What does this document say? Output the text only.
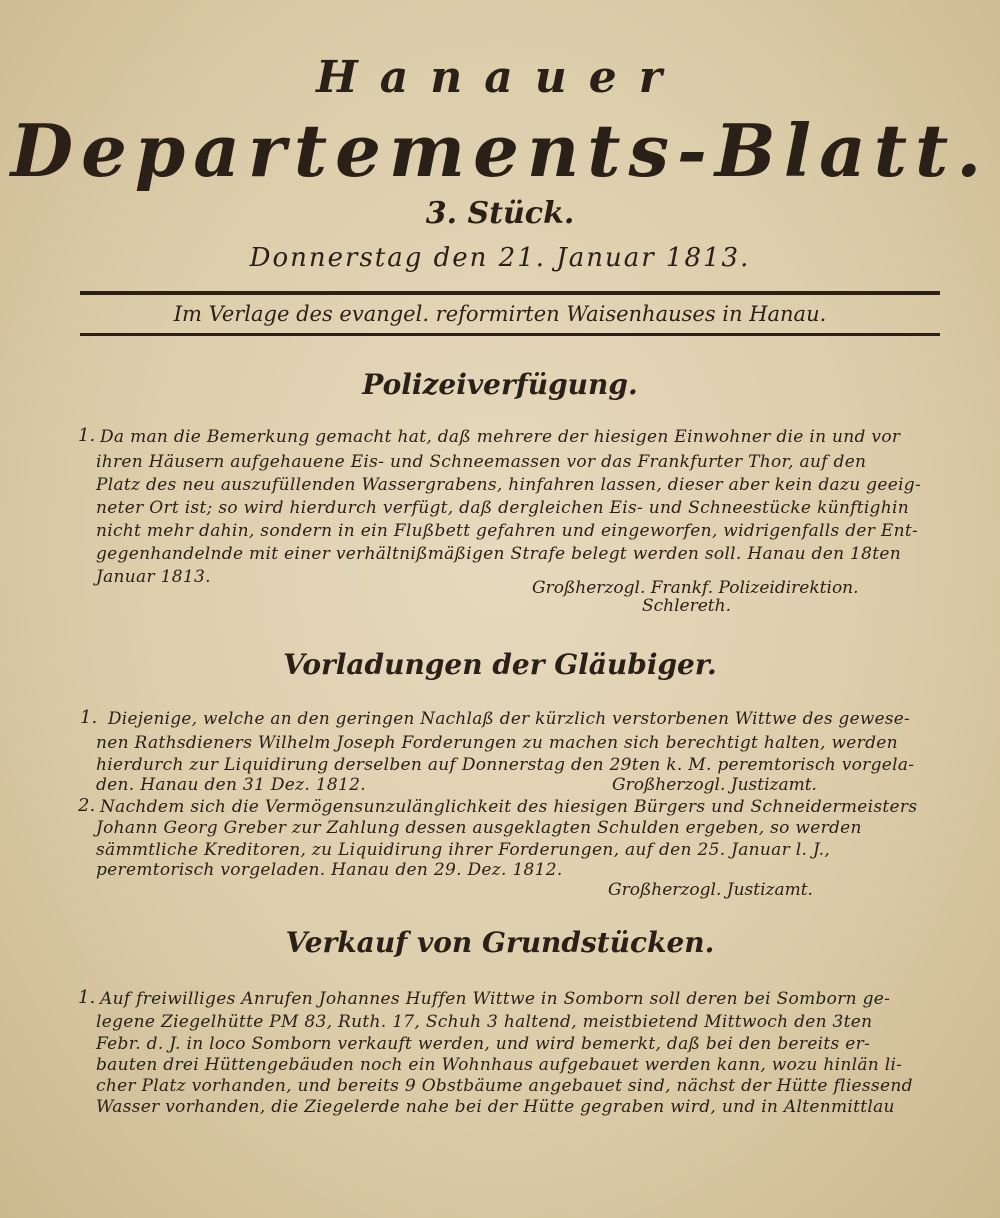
Hanauer
Departements-Blatt.
3. Stück.
Donnerstag den 21. Januar 1813.
Im Verlage des evangel. reformirten Waisenhauses in Hanau.
Polizeiverfügung.
1. Da man die Bemerkung gemacht hat, daß mehrere der hiesigen Einwohner die in und vor
ihren Häusern aufgehauene Eis- und Schneemassen vor das Frankfurter Thor, auf den
Platz des neu auszufüllenden Wassergrabens, hinfahren lassen, dieser aber kein dazu geeig-
neter Ort ist; so wird hierdurch verfügt, daß dergleichen Eis- und Schneestücke künftighin
nicht mehr dahin, sondern in ein Flußbett gefahren und eingeworfen, widrigenfalls der Ent-
gegenhandelnde mit einer verhältnißmäßigen Strafe belegt werden soll. Hanau den 18ten
Januar 1813.
Großherzogl. Frankf. Polizeidirektion.
Schlereth.
Vorladungen der Gläubiger.
1. Diejenige, welche an den geringen Nachlaß der kürzlich verstorbenen Wittwe des gewese-
nen Rathsdieners Wilhelm Joseph Forderungen zu machen sich berechtigt halten, werden
hierdurch zur Liquidirung derselben auf Donnerstag den 29ten k. M. peremtorisch vorgela-
den. Hanau den 31 Dez. 1812.	Großherzogl. Justizamt.
2. Nachdem sich die Vermögensunzulänglichkeit des hiesigen Bürgers und Schneidermeisters
Johann Georg Greber zur Zahlung dessen ausgeklagten Schulden ergeben, so werden
sämmtliche Kreditoren, zu Liquidirung ihrer Forderungen, auf den 25. Januar l. J.,
peremtorisch vorgeladen. Hanau den 29. Dez. 1812.
Großherzogl. Justizamt.
Verkauf von Grundstücken.
1. Auf freiwilliges Anrufen Johannes Huffen Wittwe in Somborn soll deren bei Somborn ge-
legene Ziegelhütte PM 83, Ruth. 17, Schuh 3 haltend, meistbietend Mittwoch den 3ten
Febr. d. J. in loco Somborn verkauft werden, und wird bemerkt, daß bei den bereits er-
bauten drei Hüttengebäuden noch ein Wohnhaus aufgebauet werden kann, wozu hinlän li-
cher Platz vorhanden, und bereits 9 Obstbäume angebauet sind, nächst der Hütte fliessend
Wasser vorhanden, die Ziegelerde nahe bei der Hütte gegraben wird, und in Altenmittlau
